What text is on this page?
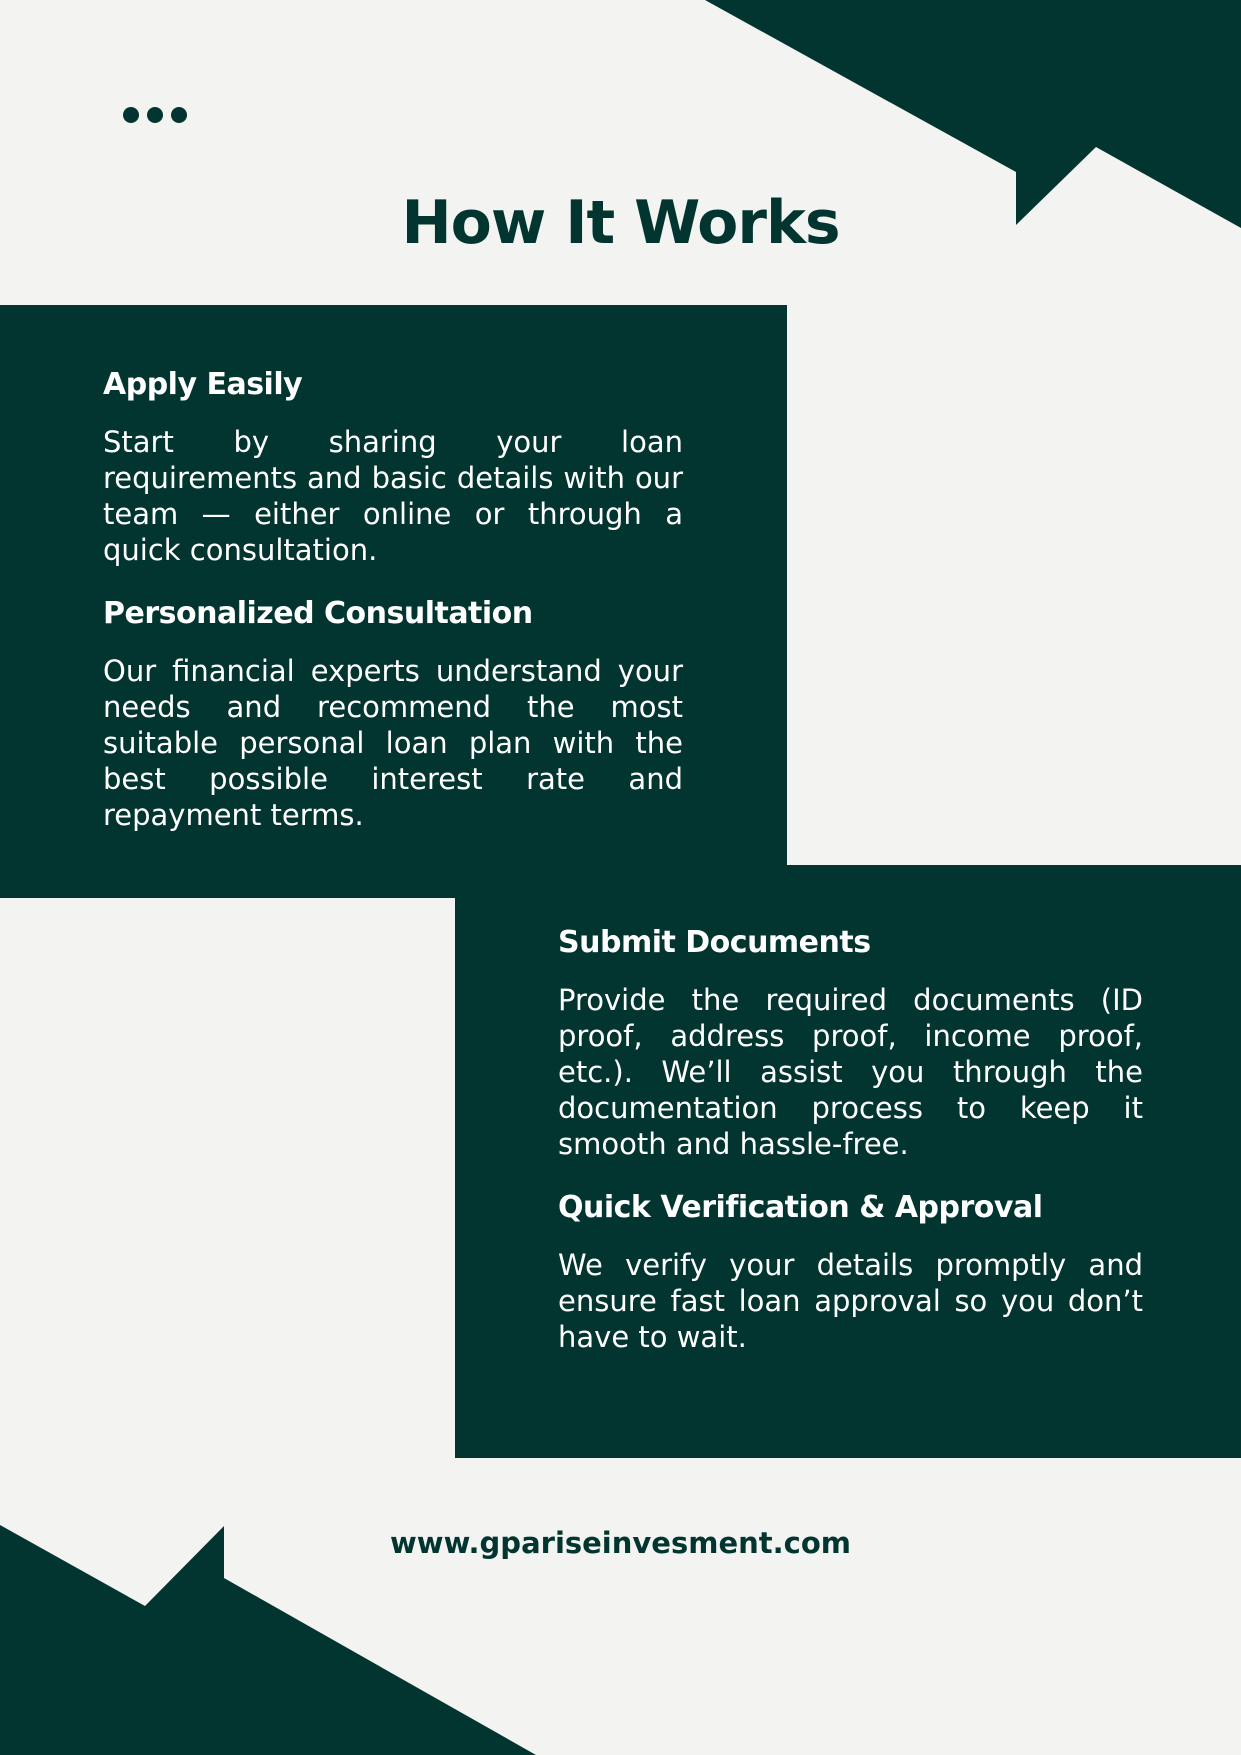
How It Works
Apply Easily

Start by sharing your loan requirements and basic details with our team — either online or through a quick consultation.

Personalized Consultation

Our financial experts understand your needs and recommend the most suitable personal loan plan with the best possible interest rate and repayment terms.

Submit Documents

Provide the required documents (ID proof, address proof, income proof, etc.). We’ll assist you through the documentation process to keep it smooth and hassle-free.

Quick Verification & Approval

We verify your details promptly and ensure fast loan approval so you don’t have to wait.

www.gpariseinvesment.com
